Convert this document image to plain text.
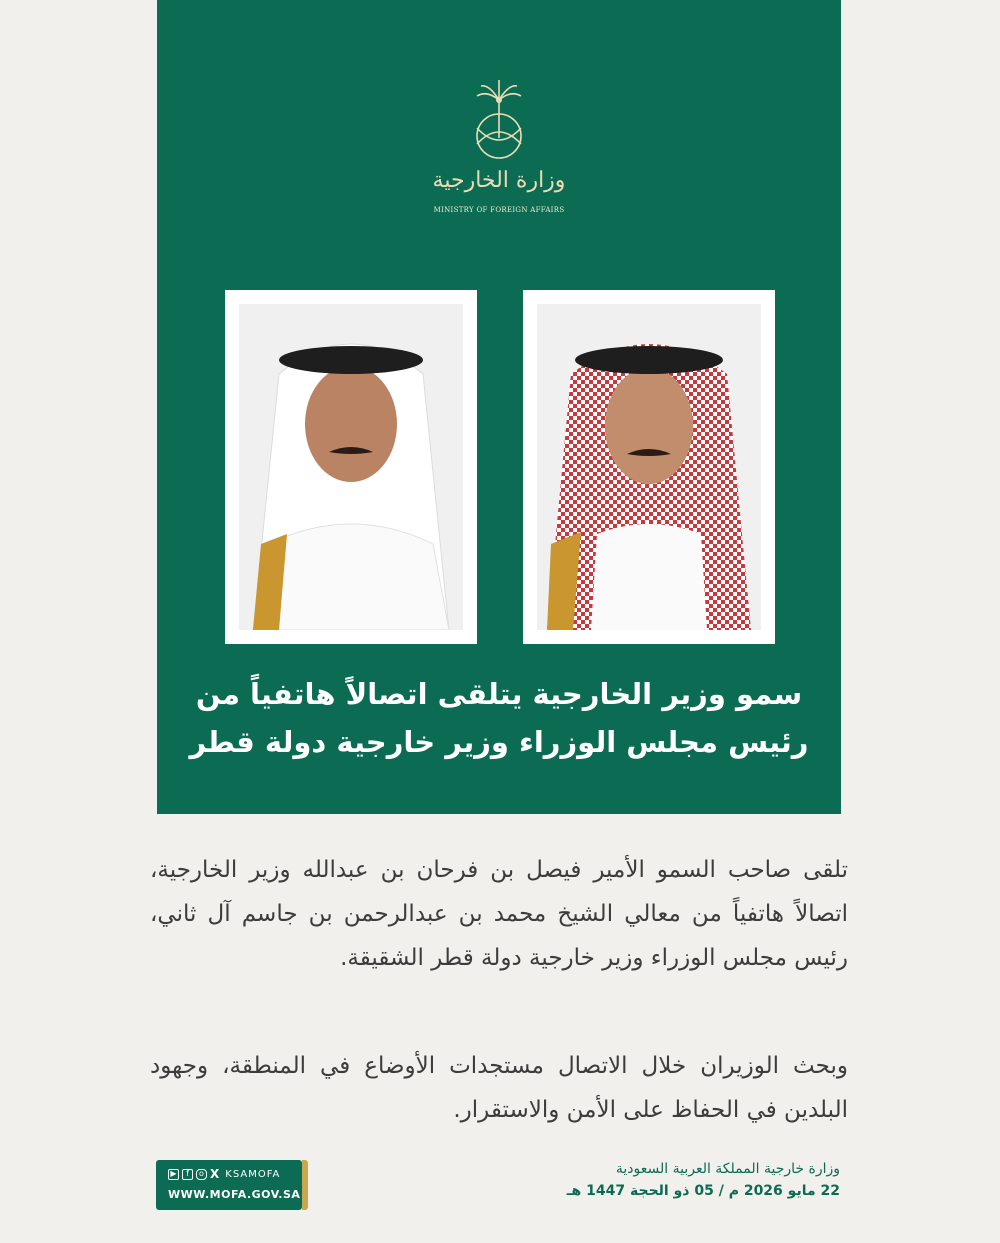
وزارة الخارجية
MINISTRY OF FOREIGN AFFAIRS
سمو وزير الخارجية يتلقى اتصالاً هاتفياً من
رئيس مجلس الوزراء وزير خارجية دولة قطر

تلقى صاحب السمو الأمير فيصل بن فرحان بن عبدالله وزير الخارجية، اتصالاً هاتفياً من معالي الشيخ محمد بن عبدالرحمن بن جاسم آل ثاني، رئيس مجلس الوزراء وزير خارجية دولة قطر الشقيقة.

وبحث الوزيران خلال الاتصال مستجدات الأوضاع في المنطقة، وجهود البلدين في الحفاظ على الأمن والاستقرار.

وزارة خارجية المملكة العربية السعودية
22 مايو 2026 م / 05 ذو الحجة 1447 هـ
▶	f	o X KSAMOFA
WWW.MOFA.GOV.SA
